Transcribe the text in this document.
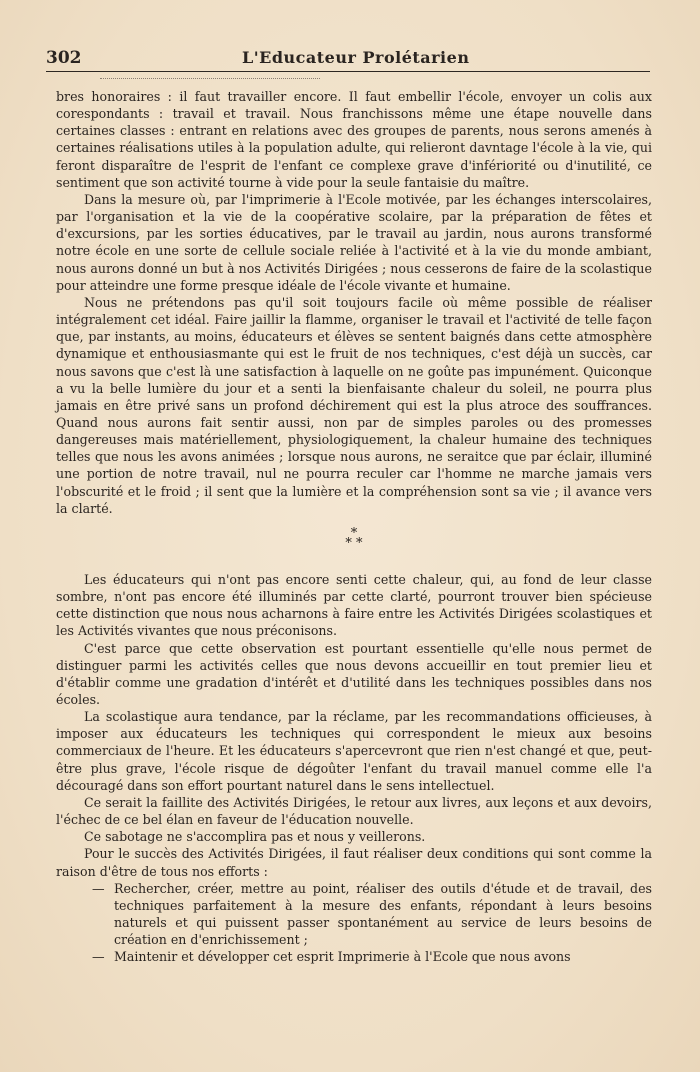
302	L'Educateur Prolétarien

bres honoraires : il faut travailler encore. Il faut embellir l'école, envoyer un colis aux corespondants : travail et travail. Nous franchissons même une étape nouvelle dans certaines classes : entrant en relations avec des groupes de parents, nous serons amenés à certaines réalisations utiles à la population adulte, qui relieront davntage l'école à la vie, qui feront disparaître de l'esprit de l'enfant ce complexe grave d'infériorité ou d'inutilité, ce sentiment que son activité tourne à vide pour la seule fantaisie du maître.

Dans la mesure où, par l'imprimerie à l'Ecole motivée, par les échanges interscolaires, par l'organisation et la vie de la coopérative scolaire, par la préparation de fêtes et d'excursions, par les sorties éducatives, par le travail au jardin, nous aurons transformé notre école en une sorte de cellule sociale reliée à l'activité et à la vie du monde ambiant, nous aurons donné un but à nos Activités Dirigées ; nous cesserons de faire de la scolastique pour atteindre une forme presque idéale de l'école vivante et humaine.

Nous ne prétendons pas qu'il soit toujours facile où même possible de réaliser intégralement cet idéal. Faire jaillir la flamme, organiser le travail et l'activité de telle façon que, par instants, au moins, éducateurs et élèves se sentent baignés dans cette atmosphère dynamique et enthousiasmante qui est le fruit de nos techniques, c'est déjà un succès, car nous savons que c'est là une satisfaction à laquelle on ne goûte pas impunément. Quiconque a vu la belle lumière du jour et a senti la bienfaisante chaleur du soleil, ne pourra plus jamais en être privé sans un profond déchirement qui est la plus atroce des souffrances. Quand nous aurons fait sentir aussi, non par de simples paroles ou des promesses dangereuses mais matériellement, physiologiquement, la chaleur humaine des techniques telles que nous les avons animées ; lorsque nous aurons, ne seraitce que par éclair, illuminé une portion de notre travail, nul ne pourra reculer car l'homme ne marche jamais vers l'obscurité et le froid ; il sent que la lumière et la compréhension sont sa vie ; il avance vers la clarté.

*
* *

Les éducateurs qui n'ont pas encore senti cette chaleur, qui, au fond de leur classe sombre, n'ont pas encore été illuminés par cette clarté, pourront trouver bien spécieuse cette distinction que nous nous acharnons à faire entre les Activités Dirigées scolastiques et les Activités vivantes que nous préconisons.

C'est parce que cette observation est pourtant essentielle qu'elle nous permet de distinguer parmi les activités celles que nous devons accueillir en tout premier lieu et d'établir comme une gradation d'intérêt et d'utilité dans les techniques possibles dans nos écoles.

La scolastique aura tendance, par la réclame, par les recommandations officieuses, à imposer aux éducateurs les techniques qui correspondent le mieux aux besoins commerciaux de l'heure. Et les éducateurs s'apercevront que rien n'est changé et que, peut-être plus grave, l'école risque de dégoûter l'enfant du travail manuel comme elle l'a découragé dans son effort pourtant naturel dans le sens intellectuel.

Ce serait la faillite des Activités Dirigées, le retour aux livres, aux leçons et aux devoirs, l'échec de ce bel élan en faveur de l'éducation nouvelle.

Ce sabotage ne s'accomplira pas et nous y veillerons.

Pour le succès des Activités Dirigées, il faut réaliser deux conditions qui sont comme la raison d'être de tous nos efforts :

— Rechercher, créer, mettre au point, réaliser des outils d'étude et de travail, des techniques parfaitement à la mesure des enfants, répondant à leurs besoins naturels et qui puissent passer spontanément au service de leurs besoins de création en d'enrichissement ;

— Maintenir et développer cet esprit Imprimerie à l'Ecole que nous avons
